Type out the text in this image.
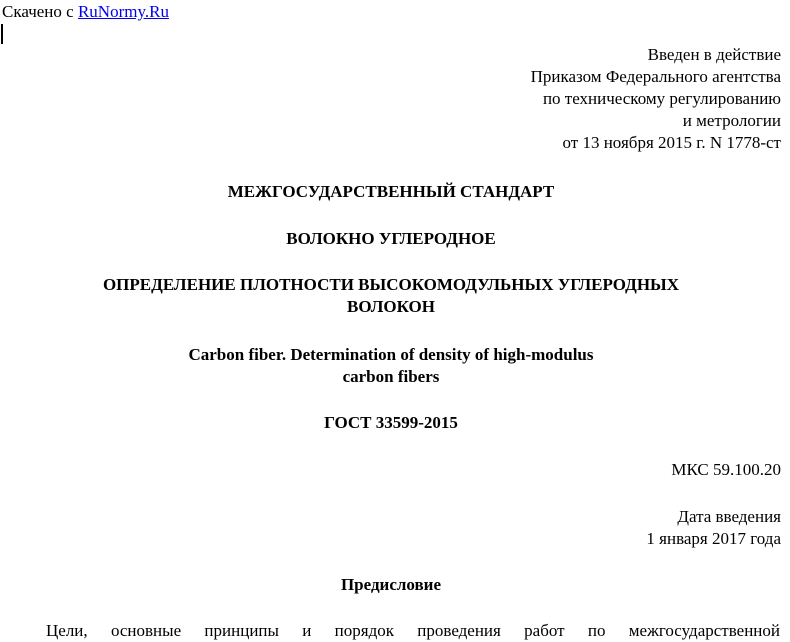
Скачено с RuNormy.Ru
Введен в действие
Приказом Федерального агентства
по техническому регулированию
и метрологии
от 13 ноября 2015 г. N 1778-ст
МЕЖГОСУДАРСТВЕННЫЙ СТАНДАРТ
ВОЛОКНО УГЛЕРОДНОЕ
ОПРЕДЕЛЕНИЕ ПЛОТНОСТИ ВЫСОКОМОДУЛЬНЫХ УГЛЕРОДНЫХ
ВОЛОКОН
Carbon fiber. Determination of density of high-modulus
carbon fibers
ГОСТ 33599-2015
МКС 59.100.20
Дата введения
1 января 2017 года
Предисловие
Цели, основные принципы и порядок проведения работ по межгосударственной
